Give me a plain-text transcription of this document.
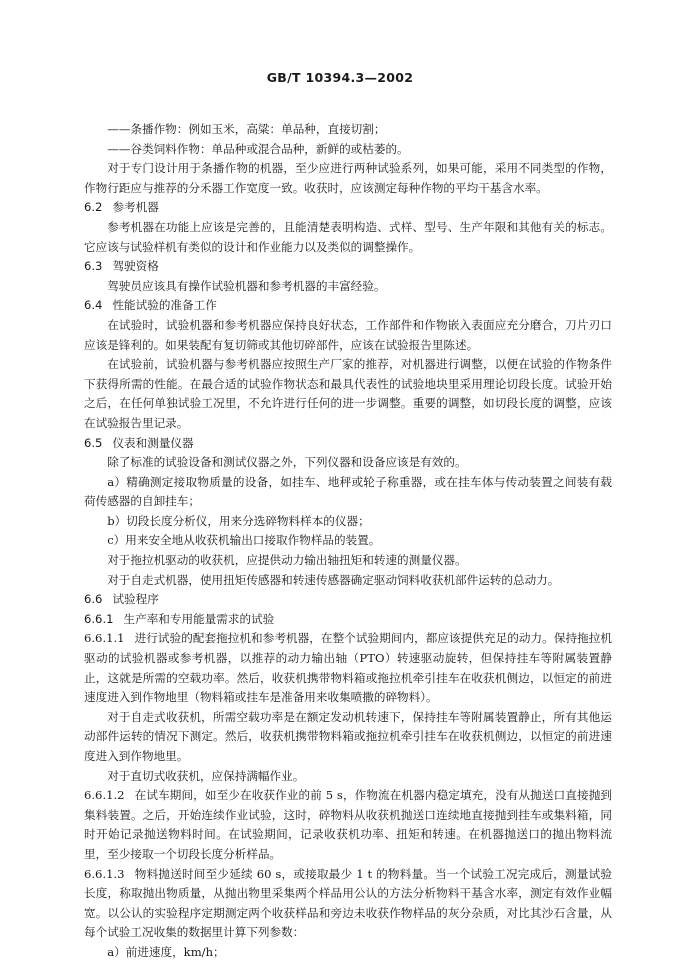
GB/T 10394.3—2002

——条播作物：例如玉米，高粱：单品种，直接切割；

——谷类饲料作物：单品种或混合品种，新鲜的或枯萎的。

对于专门设计用于条播作物的机器，至少应进行两种试验系列，如果可能，采用不同类型的作物，作物行距应与推荐的分禾器工作宽度一致。收获时，应该测定每种作物的平均干基含水率。

6.2 参考机器

参考机器在功能上应该是完善的，且能清楚表明构造、式样、型号、生产年限和其他有关的标志。它应该与试验样机有类似的设计和作业能力以及类似的调整操作。

6.3 驾驶资格

驾驶员应该具有操作试验机器和参考机器的丰富经验。

6.4 性能试验的准备工作

在试验时，试验机器和参考机器应保持良好状态，工作部件和作物嵌入表面应充分磨合，刀片刃口应该是锋利的。如果装配有复切筛或其他切碎部件，应该在试验报告里陈述。

在试验前，试验机器与参考机器应按照生产厂家的推荐，对机器进行调整，以便在试验的作物条件下获得所需的性能。在最合适的试验作物状态和最具代表性的试验地块里采用理论切段长度。试验开始之后，在任何单独试验工况里，不允许进行任何的进一步调整。重要的调整，如切段长度的调整，应该在试验报告里记录。

6.5 仪表和测量仪器

除了标准的试验设备和测试仪器之外，下列仪器和设备应该是有效的。

a）精确测定接取物质量的设备，如挂车、地秤或轮子称重器，或在挂车体与传动装置之间装有载荷传感器的自卸挂车；

b）切段长度分析仪，用来分选碎物料样本的仪器；

c）用来安全地从收获机输出口接取作物样品的装置。

对于拖拉机驱动的收获机，应提供动力输出轴扭矩和转速的测量仪器。

对于自走式机器，使用扭矩传感器和转速传感器确定驱动饲料收获机部件运转的总动力。

6.6 试验程序

6.6.1 生产率和专用能量需求的试验

6.6.1.1 进行试验的配套拖拉机和参考机器，在整个试验期间内，都应该提供充足的动力。保持拖拉机驱动的试验机器或参考机器，以推荐的动力输出轴（PTO）转速驱动旋转，但保持挂车等附属装置静止，这就是所需的空载功率。然后，收获机携带物料箱或拖拉机牵引挂车在收获机侧边，以恒定的前进速度进入到作物地里（物料箱或挂车是准备用来收集喷撒的碎物料）。

对于自走式收获机，所需空载功率是在额定发动机转速下，保持挂车等附属装置静止，所有其他运动部件运转的情况下测定。然后，收获机携带物料箱或拖拉机牵引挂车在收获机侧边，以恒定的前进速度进入到作物地里。

对于直切式收获机，应保持满幅作业。

6.6.1.2 在试车期间，如至少在收获作业的前 5 s，作物流在机器内稳定填充，没有从抛送口直接抛到集料装置。之后，开始连续作业试验，这时，碎物料从收获机抛送口连续地直接抛到挂车或集料箱，同时开始记录抛送物料时间。在试验期间，记录收获机功率、扭矩和转速。在机器抛送口的抛出物料流里，至少接取一个切段长度分析样品。

6.6.1.3 物料抛送时间至少延续 60 s，或接取最少 1 t 的物料量。当一个试验工况完成后，测量试验长度，称取抛出物质量，从抛出物里采集两个样品用公认的方法分析物料干基含水率，测定有效作业幅宽。以公认的实验程序定期测定两个收获样品和旁边未收获作物样品的灰分杂质，对比其沙石含量，从每个试验工况收集的数据里计算下列参数：

a）前进速度，km/h；
